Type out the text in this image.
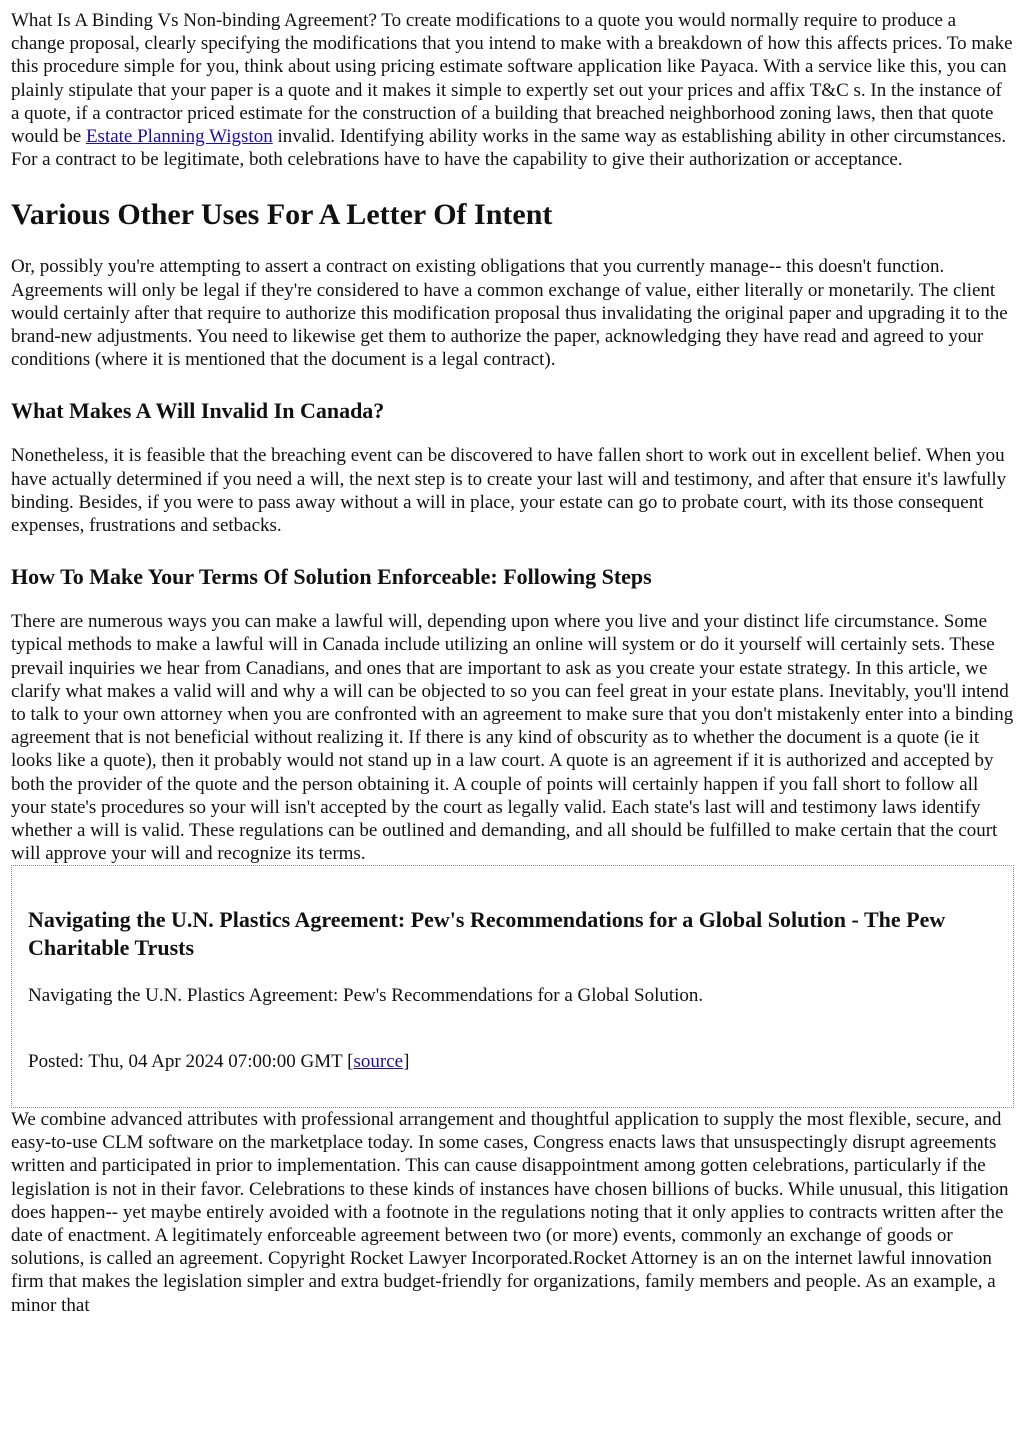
What Is A Binding Vs Non-binding Agreement? To create modifications to a quote you would normally require to produce a change proposal, clearly specifying the modifications that you intend to make with a breakdown of how this affects prices. To make this procedure simple for you, think about using pricing estimate software application like Payaca. With a service like this, you can plainly stipulate that your paper is a quote and it makes it simple to expertly set out your prices and affix T&C s. In the instance of a quote, if a contractor priced estimate for the construction of a building that breached neighborhood zoning laws, then that quote would be Estate Planning Wigston invalid. Identifying ability works in the same way as establishing ability in other circumstances. For a contract to be legitimate, both celebrations have to have the capability to give their authorization or acceptance.

Various Other Uses For A Letter Of Intent

Or, possibly you're attempting to assert a contract on existing obligations that you currently manage-- this doesn't function. Agreements will only be legal if they're considered to have a common exchange of value, either literally or monetarily. The client would certainly after that require to authorize this modification proposal thus invalidating the original paper and upgrading it to the brand-new adjustments. You need to likewise get them to authorize the paper, acknowledging they have read and agreed to your conditions (where it is mentioned that the document is a legal contract).

What Makes A Will Invalid In Canada?

Nonetheless, it is feasible that the breaching event can be discovered to have fallen short to work out in excellent belief. When you have actually determined if you need a will, the next step is to create your last will and testimony, and after that ensure it's lawfully binding. Besides, if you were to pass away without a will in place, your estate can go to probate court, with its those consequent expenses, frustrations and setbacks.

How To Make Your Terms Of Solution Enforceable: Following Steps

There are numerous ways you can make a lawful will, depending upon where you live and your distinct life circumstance. Some typical methods to make a lawful will in Canada include utilizing an online will system or do it yourself will certainly sets. These prevail inquiries we hear from Canadians, and ones that are important to ask as you create your estate strategy. In this article, we clarify what makes a valid will and why a will can be objected to so you can feel great in your estate plans. Inevitably, you'll intend to talk to your own attorney when you are confronted with an agreement to make sure that you don't mistakenly enter into a binding agreement that is not beneficial without realizing it. If there is any kind of obscurity as to whether the document is a quote (ie it looks like a quote), then it probably would not stand up in a law court. A quote is an agreement if it is authorized and accepted by both the provider of the quote and the person obtaining it. A couple of points will certainly happen if you fall short to follow all your state's procedures so your will isn't accepted by the court as legally valid. Each state's last will and testimony laws identify whether a will is valid. These regulations can be outlined and demanding, and all should be fulfilled to make certain that the court will approve your will and recognize its terms.

Navigating the U.N. Plastics Agreement: Pew's Recommendations for a Global Solution - The Pew Charitable Trusts

Navigating the U.N. Plastics Agreement: Pew's Recommendations for a Global Solution.

Posted: Thu, 04 Apr 2024 07:00:00 GMT [source]

We combine advanced attributes with professional arrangement and thoughtful application to supply the most flexible, secure, and easy-to-use CLM software on the marketplace today. In some cases, Congress enacts laws that unsuspectingly disrupt agreements written and participated in prior to implementation. This can cause disappointment among gotten celebrations, particularly if the legislation is not in their favor. Celebrations to these kinds of instances have chosen billions of bucks. While unusual, this litigation does happen-- yet maybe entirely avoided with a footnote in the regulations noting that it only applies to contracts written after the date of enactment. A legitimately enforceable agreement between two (or more) events, commonly an exchange of goods or solutions, is called an agreement. Copyright Rocket Lawyer Incorporated.Rocket Attorney is an on the internet lawful innovation firm that makes the legislation simpler and extra budget-friendly for organizations, family members and people. As an example, a minor that
